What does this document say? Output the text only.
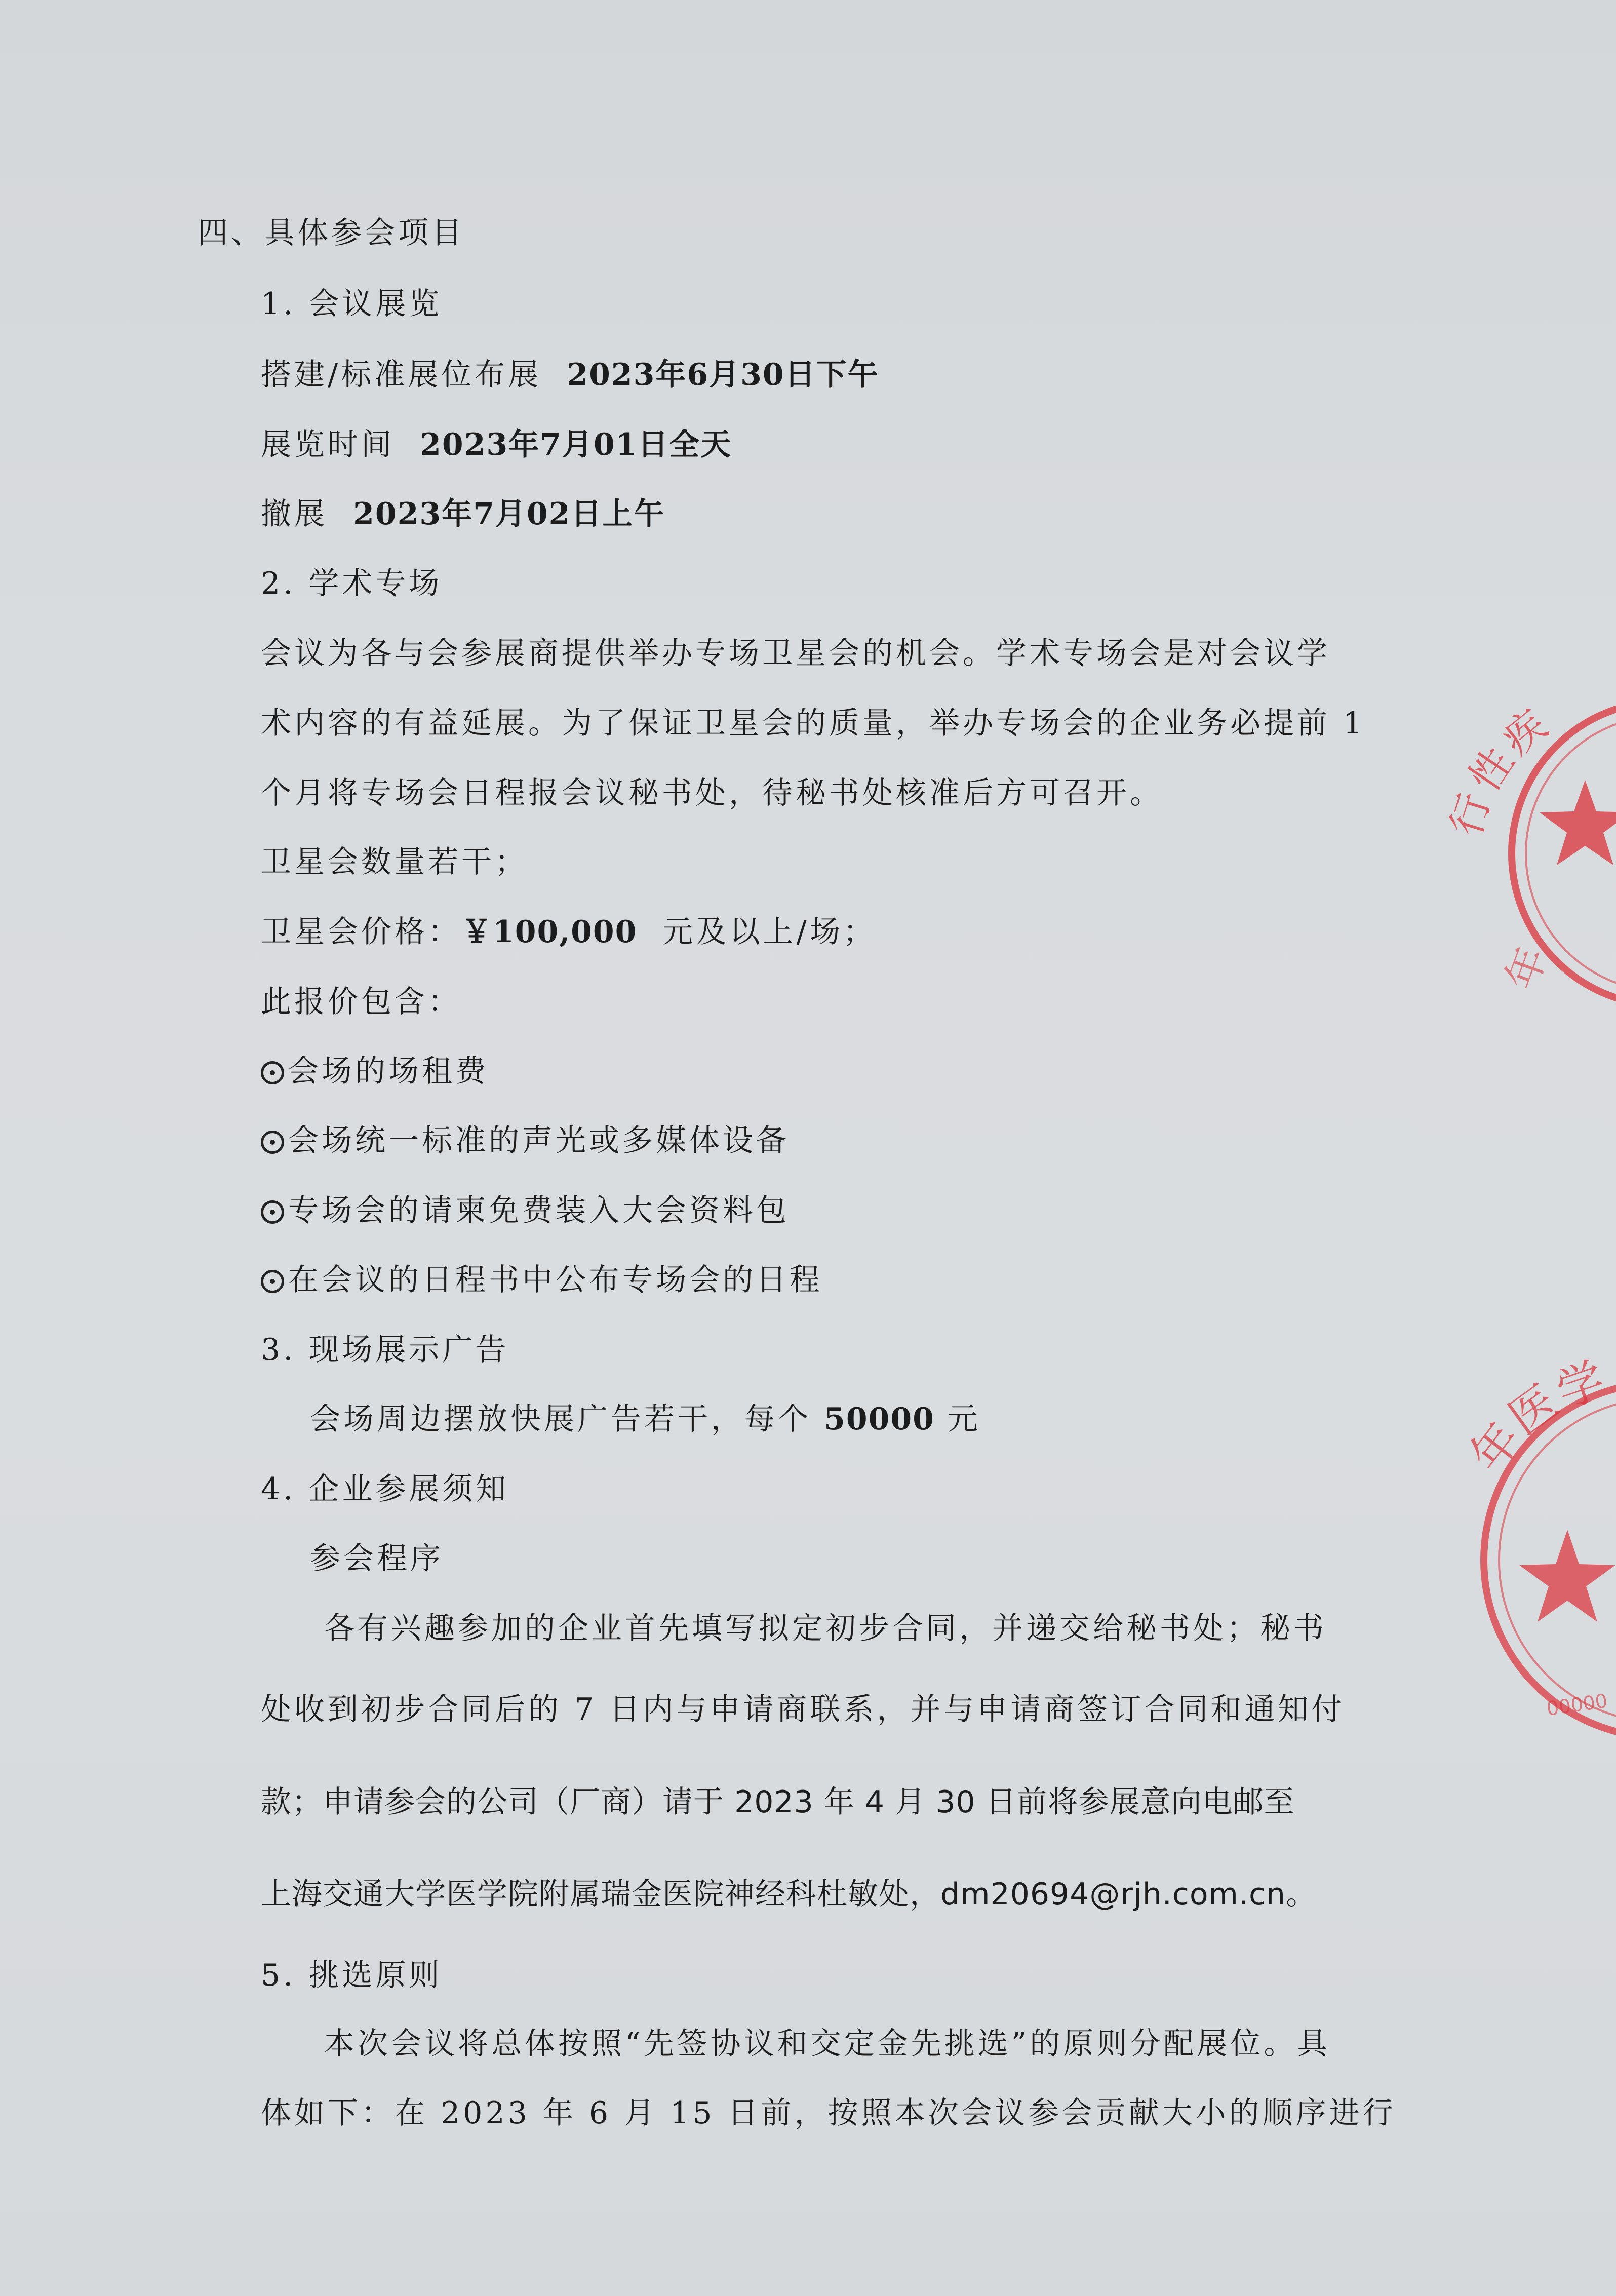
四、具体参会项目
1. 会议展览
搭建/标准展位布展 2023年6月30日下午
展览时间 2023年7月01日全天
撤展 2023年7月02日上午
2. 学术专场
会议为各与会参展商提供举办专场卫星会的机会。学术专场会是对会议学
术内容的有益延展。为了保证卫星会的质量，举办专场会的企业务必提前 1
个月将专场会日程报会议秘书处，待秘书处核准后方可召开。
卫星会数量若干；
卫星会价格：￥100,000 元及以上/场；
此报价包含：
会场的场租费
会场统一标准的声光或多媒体设备
专场会的请柬免费装入大会资料包
在会议的日程书中公布专场会的日程
3. 现场展示广告
会场周边摆放快展广告若干，每个 50000 元
4. 企业参展须知
参会程序
各有兴趣参加的企业首先填写拟定初步合同，并递交给秘书处；秘书
处收到初步合同后的 7 日内与申请商联系，并与申请商签订合同和通知付
款；申请参会的公司（厂商）请于 2023 年 4 月 30 日前将参展意向电邮至
上海交通大学医学院附属瑞金医院神经科杜敏处，dm20694@rjh.com.cn。
5. 挑选原则
本次会议将总体按照“先签协议和交定金先挑选”的原则分配展位。具
体如下：在 2023 年 6 月 15 日前，按照本次会议参会贡献大小的顺序进行
行性疾
年
年医学
00000
